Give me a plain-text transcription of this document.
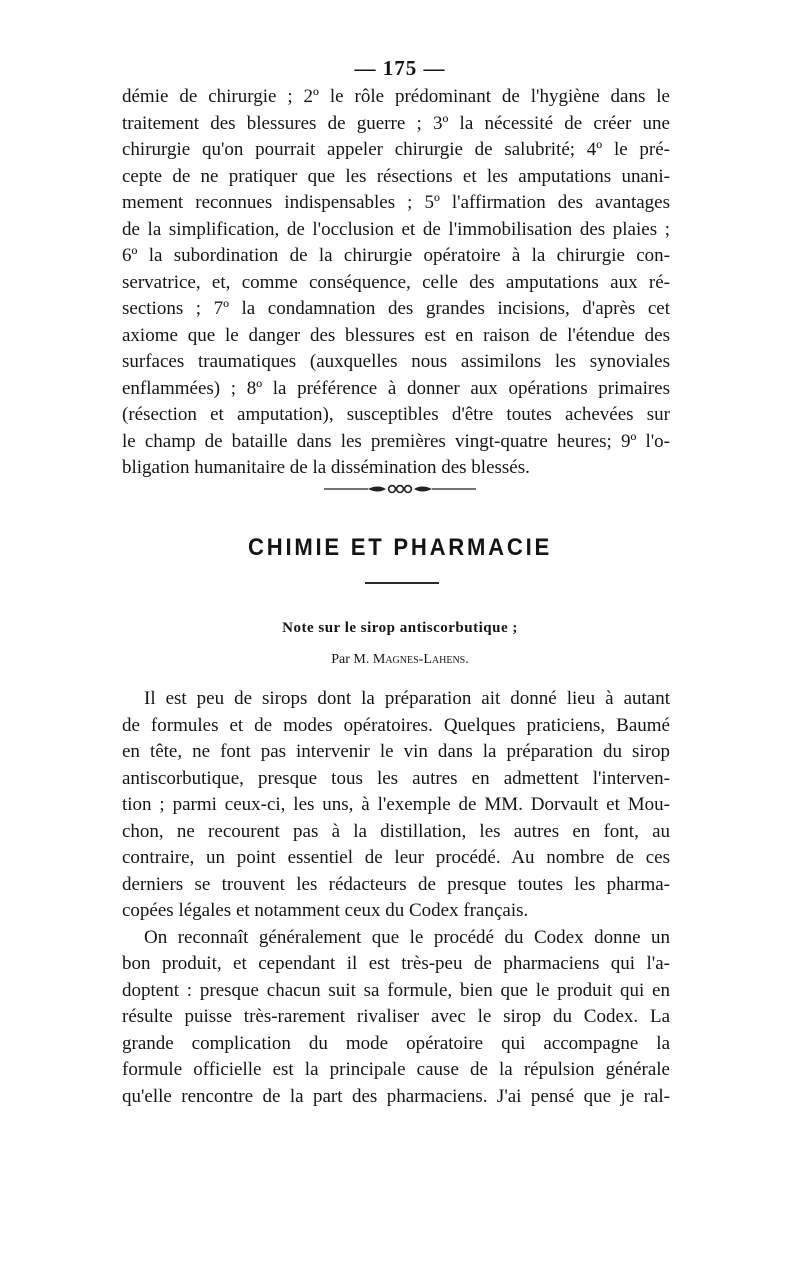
— 175 —
démie de chirurgie ; 2º le rôle prédominant de l'hygiène dans le
traitement des blessures de guerre ; 3º la nécessité de créer une
chirurgie qu'on pourrait appeler chirurgie de salubrité; 4º le pré-
cepte de ne pratiquer que les résections et les amputations unani-
mement reconnues indispensables ; 5º l'affirmation des avantages
de la simplification, de l'occlusion et de l'immobilisation des plaies ;
6º la subordination de la chirurgie opératoire à la chirurgie con-
servatrice, et, comme conséquence, celle des amputations aux ré-
sections ; 7º la condamnation des grandes incisions, d'après cet
axiome que le danger des blessures est en raison de l'étendue des
surfaces traumatiques (auxquelles nous assimilons les synoviales
enflammées) ; 8º la préférence à donner aux opérations primaires
(résection et amputation), susceptibles d'être toutes achevées sur
le champ de bataille dans les premières vingt-quatre heures; 9º l'o-
bligation humanitaire de la dissémination des blessés.
CHIMIE ET PHARMACIE
Note sur le sirop antiscorbutique ;
Par M. Magnes-Lahens.
Il est peu de sirops dont la préparation ait donné lieu à autant
de formules et de modes opératoires. Quelques praticiens, Baumé
en tête, ne font pas intervenir le vin dans la préparation du sirop
antiscorbutique, presque tous les autres en admettent l'interven-
tion ; parmi ceux-ci, les uns, à l'exemple de MM. Dorvault et Mou-
chon, ne recourent pas à la distillation, les autres en font, au
contraire, un point essentiel de leur procédé. Au nombre de ces
derniers se trouvent les rédacteurs de presque toutes les pharma-
copées légales et notamment ceux du Codex français.
On reconnaît généralement que le procédé du Codex donne un
bon produit, et cependant il est très-peu de pharmaciens qui l'a-
doptent : presque chacun suit sa formule, bien que le produit qui en
résulte puisse très-rarement rivaliser avec le sirop du Codex. La
grande complication du mode opératoire qui accompagne la
formule officielle est la principale cause de la répulsion générale
qu'elle rencontre de la part des pharmaciens. J'ai pensé que je ral-
